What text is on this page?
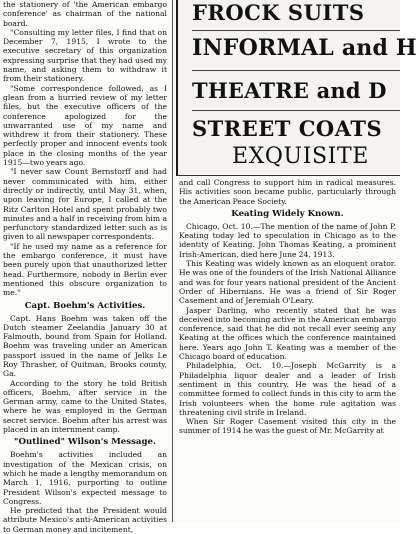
the stationery of 'the American embargo conference' as chairman of the national board.

"Consulting my letter files, I find that on December 7, 1915, I wrote to the executive secretary of this organization expressing surprise that they had used my name, and asking them to withdraw it from their stationery.

"Some correspondence followed, as I glean from a hurried review of my letter files, but the executive officers of the conference apologized for the unwarranted use of my name and withdrew it from their stationery. These perfectly proper and innocent events took place in the closing months of the year 1915—two years ago.

"I never saw Count Bernstorff and had never communicated with him, either directly or indirectly, until May 31, when, upon leaving for Europe, I called at the Ritz Carlton Hotel and spent probably two minutes and a half in receiving from him a perfunctory standardized letter such as is given to all newspaper correspondents.

"If he used my name as a reference for the embargo conference, it must have been purely upon that unauthorized letter head. Furthermore, nobody in Berlin ever mentioned this obscure organization to me."

Capt. Boehm's Activities.

Capt. Hans Boehm was taken off the Dutch steamer Zeelandia January 30 at Falmouth, bound from Spain for Holland. Boehm was traveling under an American passport issued in the name of Jelks Le Roy Thrasher, of Quitman, Brooks county, Ga.

According to the story he told British officers, Boehm, after service in the German army, came to the United States, where he was employed in the German secret service. Boehm after his arrest was placed in an internment camp.

"Outlined" Wilson's Message.

Boehm's activities included an investigation of the Mexican crisis, on which he made a lengthy memorandum on March 1, 1916, purporting to outline President Wilson's expected message to Congress.

He predicted that the President would attribute Mexico's anti-American activities to German money and incitement,

FROCK SUITS
INFORMAL and H
THEATRE and D
STREET COATS
EXQUISITE

and call Congress to support him in radical measures. His activities soon became public, particularly through the American Peace Society.

Keating Widely Known.

Chicago, Oct. 10.—The mention of the name of John P. Keating today led to speculation in Chicago as to the identity of Keating. John Thomas Keating, a prominent Irish-American, died here June 24, 1913.

This Keating was widely known as an eloquent orator. He was one of the founders of the Irish National Alliance and was for four years national president of the Ancient Order of Hibernians. He was a friend of Sir Roger Casement and of Jeremiah O'Leary.

Jasper Darling, who recently stated that he was deceived into becoming active in the American embargo conference, said that he did not recall ever seeing any Keating at the offices which the conference maintained here. Years ago John T. Keating was a member of the Chicago board of education.

Philadelphia, Oct. 10.—Joseph McGarrity is a Philadelphia liquor dealer and a leader of Irish sentiment in this country. He was the head of a committee formed to collect funds in this city to arm the Irish volunteers when the home rule agitation was threatening civil strife in Ireland.

When Sir Roger Casement visited this city in the summer of 1914 he was the guest of Mr. McGarrity at
